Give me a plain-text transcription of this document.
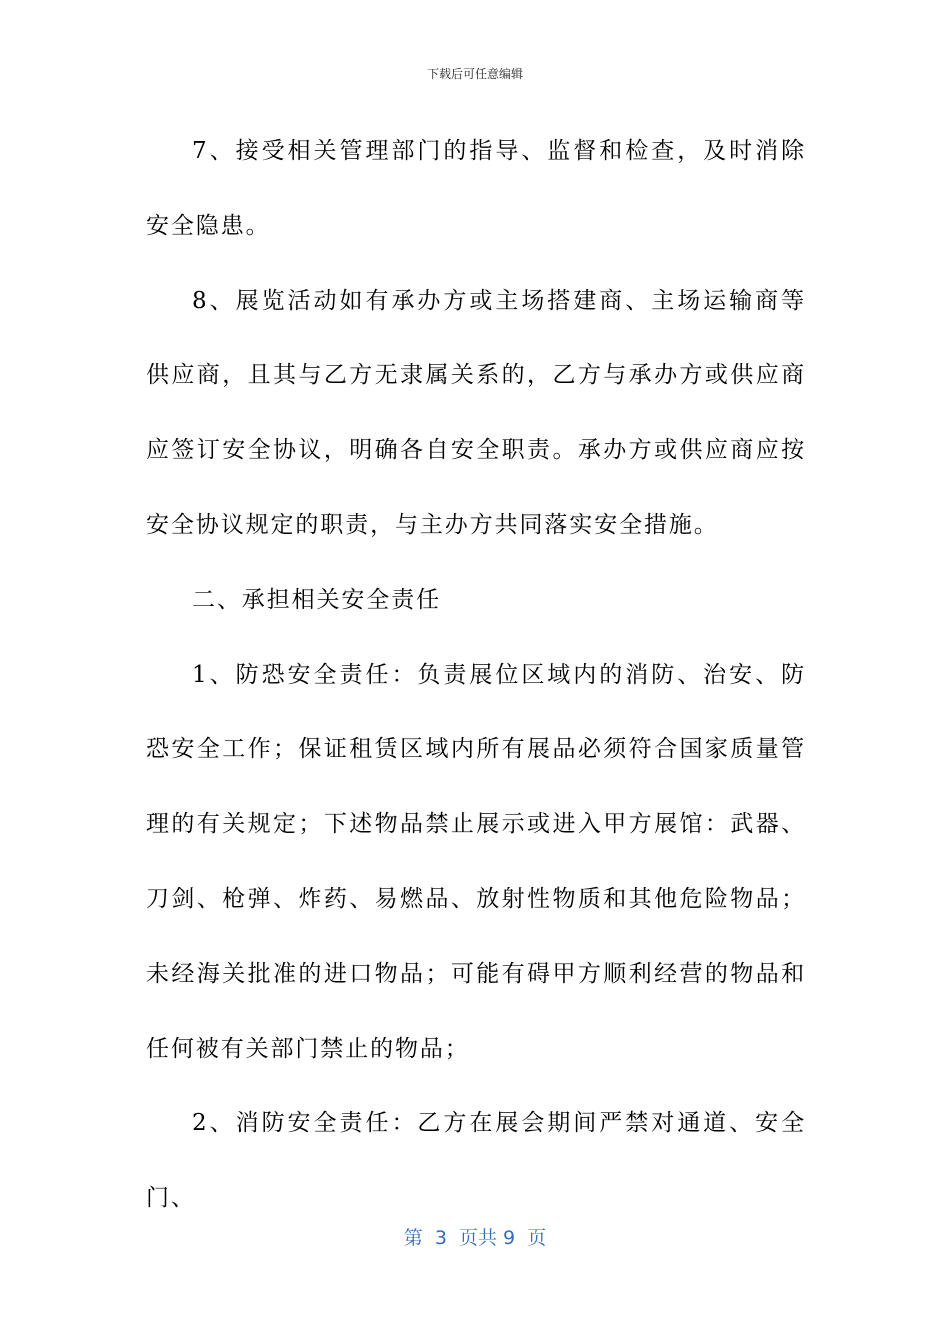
下载后可任意编辑

7、接受相关管理部门的指导、监督和检查，及时消除安全隐患。

8、展览活动如有承办方或主场搭建商、主场运输商等供应商，且其与乙方无隶属关系的，乙方与承办方或供应商应签订安全协议，明确各自安全职责。承办方或供应商应按安全协议规定的职责，与主办方共同落实安全措施。

二、承担相关安全责任

1、防恐安全责任：负责展位区域内的消防、治安、防恐安全工作；保证租赁区域内所有展品必须符合国家质量管理的有关规定；下述物品禁止展示或进入甲方展馆：武器、刀剑、枪弹、炸药、易燃品、放射性物质和其他危险物品；未经海关批准的进口物品；可能有碍甲方顺利经营的物品和任何被有关部门禁止的物品；

2、消防安全责任：乙方在展会期间严禁对通道、安全门、

第  3  页共 9  页
